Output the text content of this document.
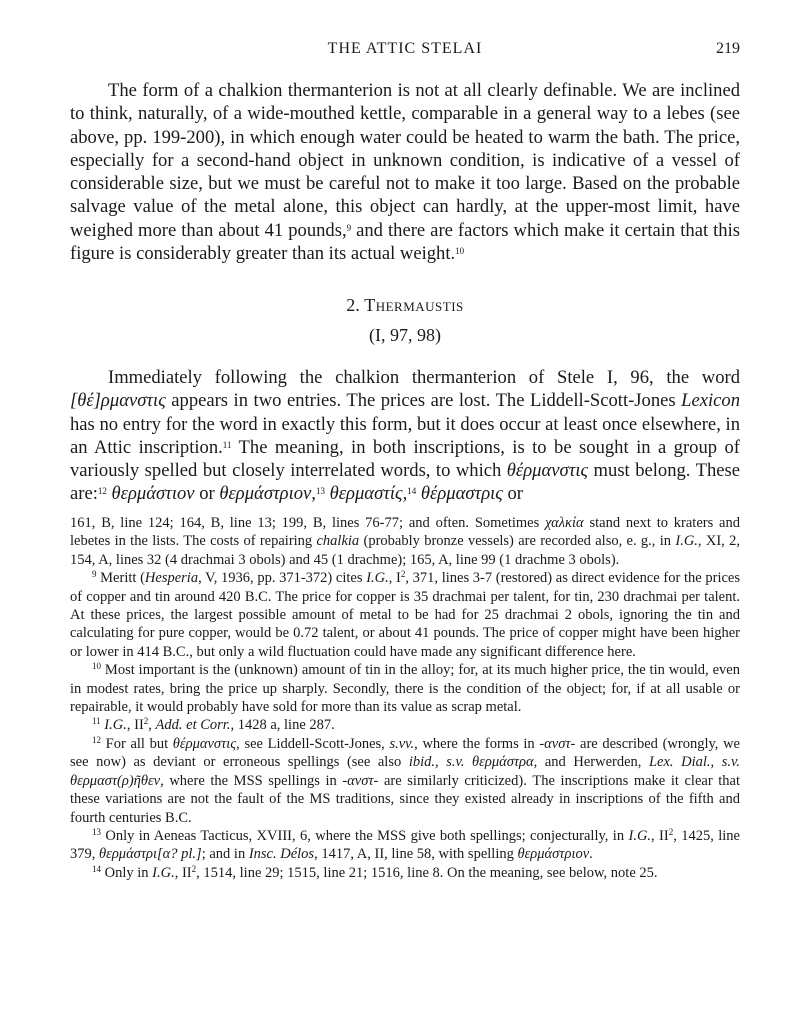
THE ATTIC STELAI	219

The form of a chalkion thermanterion is not at all clearly definable. We are inclined to think, naturally, of a wide-mouthed kettle, comparable in a general way to a lebes (see above, pp. 199-200), in which enough water could be heated to warm the bath. The price, especially for a second-hand object in unknown condition, is indicative of a vessel of considerable size, but we must be careful not to make it too large. Based on the probable salvage value of the metal alone, this object can hardly, at the upper-most limit, have weighed more than about 41 pounds,$^9$ and there are factors which make it certain that this figure is considerably greater than its actual weight.$^{10}$

2. Thermaustis
(I, 97, 98)

Immediately following the chalkion thermanterion of Stele I, 96, the word [θέ]ρμανστις appears in two entries. The prices are lost. The Liddell-Scott-Jones Lexicon has no entry for the word in exactly this form, but it does occur at least once elsewhere, in an Attic inscription.$^{11}$ The meaning, in both inscriptions, is to be sought in a group of variously spelled but closely interrelated words, to which θέρμανστις must belong. These are:$^{12}$ θερμάστιον or θερμάστριον,$^{13}$ θερμαστίς,$^{14}$ θέρμαστρις or

161, B, line 124; 164, B, line 13; 199, B, lines 76-77; and often. Sometimes χαλκία stand next to kraters and lebetes in the lists. The costs of repairing chalkia (probably bronze vessels) are recorded also, e. g., in I.G., XI, 2, 154, A, lines 32 (4 drachmai 3 obols) and 45 (1 drachme); 165, A, line 99 (1 drachme 3 obols).

$^9$ Meritt (Hesperia, V, 1936, pp. 371-372) cites I.G., $I^2$, 371, lines 3-7 (restored) as direct evidence for the prices of copper and tin around 420 B.C. The price for copper is 35 drachmai per talent, for tin, 230 drachmai per talent. At these prices, the largest possible amount of metal to be had for 25 drachmai 2 obols, ignoring the tin and calculating for pure copper, would be 0.72 talent, or about 41 pounds. The price of copper might have been higher or lower in 414 B.C., but only a wild fluctuation could have made any significant difference here.

$^{10}$ Most important is the (unknown) amount of tin in the alloy; for, at its much higher price, the tin would, even in modest rates, bring the price up sharply. Secondly, there is the condition of the object; for, if at all usable or repairable, it would probably have sold for more than its value as scrap metal.

$^{11}$ I.G., $II^2$, Add. et Corr., 1428 a, line 287.

$^{12}$ For all but θέρμανστις, see Liddell-Scott-Jones, s.vv., where the forms in -ανστ- are described (wrongly, we see now) as deviant or erroneous spellings (see also ibid., s.v. θερμάστρα, and Herwerden, Lex. Dial., s.v. θερμαστ(ρ)ῆθεν, where the MSS spellings in -ανστ- are similarly criticized). The inscriptions make it clear that these variations are not the fault of the MS traditions, since they existed already in inscriptions of the fifth and fourth centuries B.C.

$^{13}$ Only in Aeneas Tacticus, XVIII, 6, where the MSS give both spellings; conjecturally, in I.G., $II^2$, 1425, line 379, θερμάστρι[α? pl.]; and in Insc. Délos, 1417, A, II, line 58, with spelling θερμάστριον.

$^{14}$ Only in I.G., $II^2$, 1514, line 29; 1515, line 21; 1516, line 8. On the meaning, see below, note 25.
